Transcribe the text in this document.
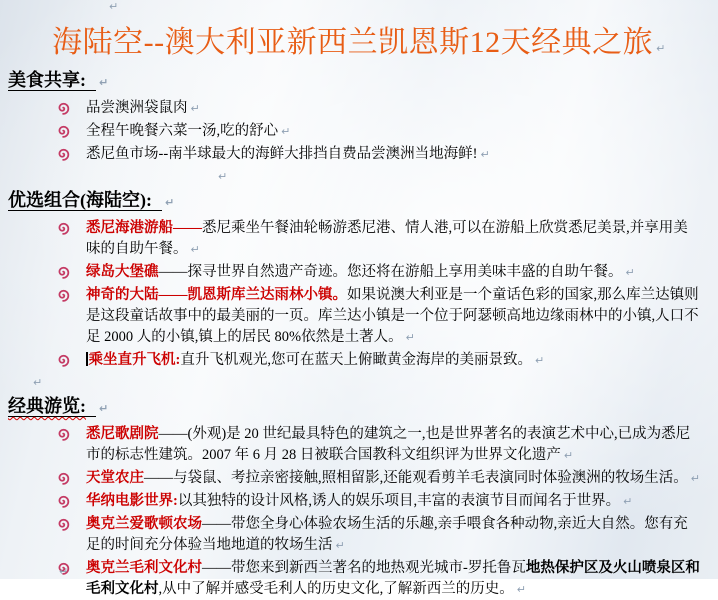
↵
海陆空--澳大利亚新西兰凯恩斯12天经典之旅 ↵
美食共享: ↵
品尝澳洲袋鼠肉 ↵
全程午晚餐六菜一汤,吃的舒心 ↵
悉尼鱼市场--南半球最大的海鲜大排挡自费品尝澳洲当地海鲜! ↵
↵
优选组合(海陆空): ↵
悉尼海港游船——悉尼乘坐午餐油轮畅游悉尼港、情人港,可以在游船上欣赏悉尼美景,并享用美味的自助午餐。 ↵
绿岛大堡礁——探寻世界自然遗产奇迹。您还将在游船上享用美味丰盛的自助午餐。 ↵
神奇的大陆——凯恩斯库兰达雨林小镇。如果说澳大利亚是一个童话色彩的国家,那么库兰达镇则是这段童话故事中的最美丽的一页。库兰达小镇是一个位于阿瑟顿高地边缘雨林中的小镇,人口不足 2000 人的小镇,镇上的居民 80%依然是土著人。 ↵
乘坐直升飞机:直升飞机观光,您可在蓝天上俯瞰黄金海岸的美丽景致。 ↵
↵
经典游览: ↵
悉尼歌剧院——(外观)是 20 世纪最具特色的建筑之一,也是世界著名的表演艺术中心,已成为悉尼市的标志性建筑。2007 年 6 月 28 日被联合国教科文组织评为世界文化遗产 ↵
天堂农庄——与袋鼠、考拉亲密接触,照相留影,还能观看剪羊毛表演同时体验澳洲的牧场生活。 ↵
华纳电影世界:以其独特的设计风格,诱人的娱乐项目,丰富的表演节目而闻名于世界。 ↵
奥克兰爱歌顿农场——带您全身心体验农场生活的乐趣,亲手喂食各种动物,亲近大自然。您有充足的时间充分体验当地地道的牧场生活 ↵
奥克兰毛利文化村——带您来到新西兰著名的地热观光城市-罗托鲁瓦地热保护区及火山喷泉区和毛利文化村,从中了解并感受毛利人的历史文化,了解新西兰的历史。 ↵
↵
